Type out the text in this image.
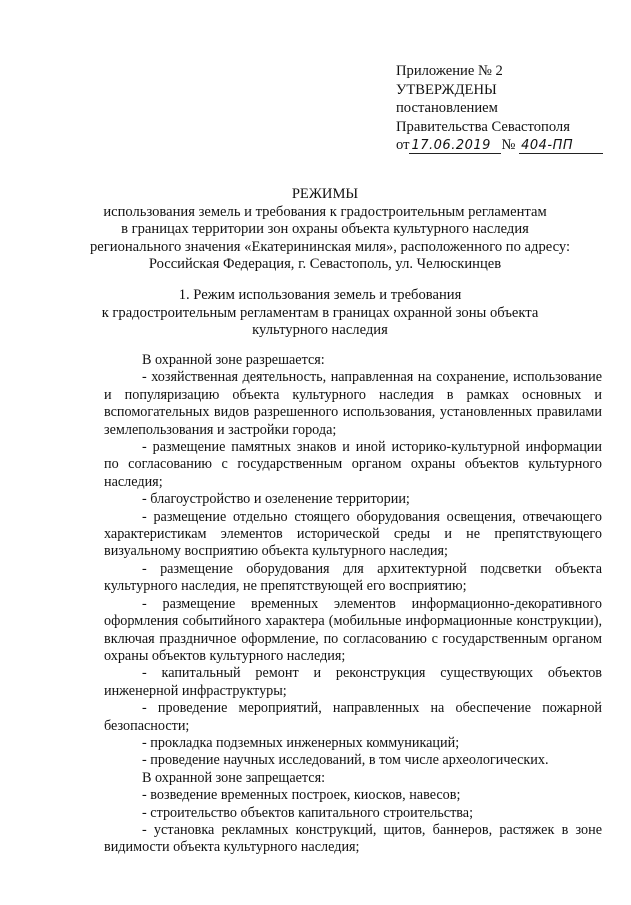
Приложение № 2
УТВЕРЖДЕНЫ
постановлением
Правительства Севастополя
от 17.06.2019 № 404-ПП
РЕЖИМЫ
использования земель и требования к градостроительным регламентам
в границах территории зон охраны объекта культурного наследия
регионального значения «Екатерининская миля», расположенного по адресу:
Российская Федерация, г. Севастополь, ул. Челюскинцев
1. Режим использования земель и требования
к градостроительным регламентам в границах охранной зоны объекта
культурного наследия

В охранной зоне разрешается:

- хозяйственная деятельность, направленная на сохранение, использование и популяризацию объекта культурного наследия в рамках основных и вспомогательных видов разрешенного использования, установленных правилами землепользования и застройки города;

- размещение памятных знаков и иной историко-культурной информации по согласованию с государственным органом охраны объектов культурного наследия;

- благоустройство и озеленение территории;

- размещение отдельно стоящего оборудования освещения, отвечающего характеристикам элементов исторической среды и не препятствующего визуальному восприятию объекта культурного наследия;

- размещение оборудования для архитектурной подсветки объекта культурного наследия, не препятствующей его восприятию;

- размещение временных элементов информационно-декоративного оформления событийного характера (мобильные информационные конструкции), включая праздничное оформление, по согласованию с государственным органом охраны объектов культурного наследия;

- капитальный ремонт и реконструкция существующих объектов инженерной инфраструктуры;

- проведение мероприятий, направленных на обеспечение пожарной безопасности;

- прокладка подземных инженерных коммуникаций;

- проведение научных исследований, в том числе археологических.

В охранной зоне запрещается:

- возведение временных построек, киосков, навесов;

- строительство объектов капитального строительства;

- установка рекламных конструкций, щитов, баннеров, растяжек в зоне видимости объекта культурного наследия;
